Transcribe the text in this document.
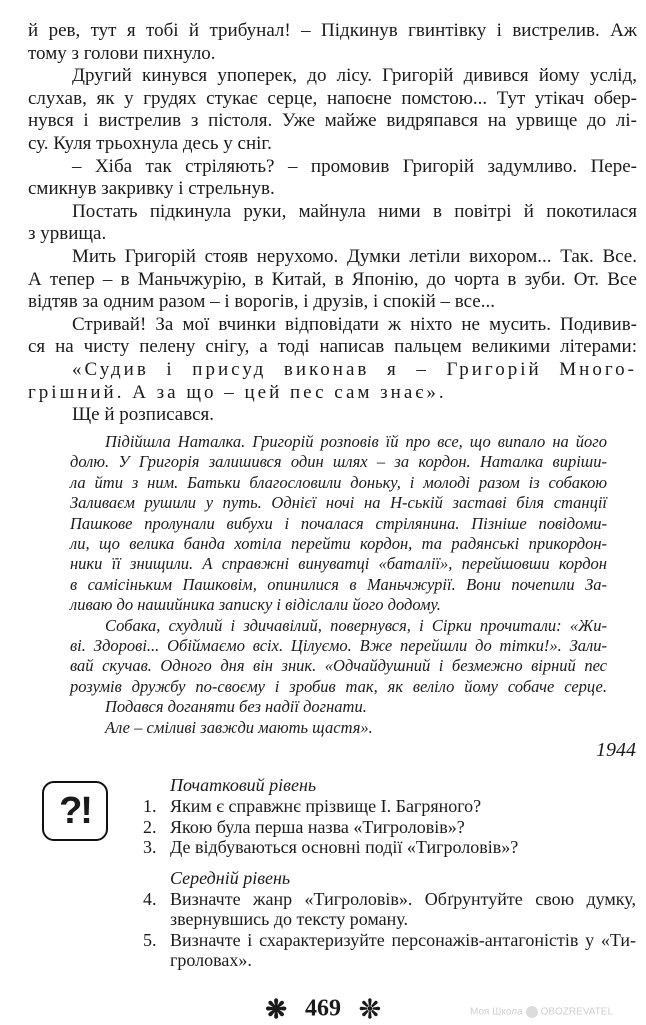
й рев, тут я тобі й трибунал! – Підкинув гвинтівку і вистрелив. Аж
тому з голови пихнуло.
Другий кинувся упоперек, до лісу. Григорій дивився йому услід,
слухав, як у грудях стукає серце, напоєне помстою... Тут утікач обер-
нувся і вистрелив з пістоля. Уже майже видряпався на урвище до лі-
су. Куля трьохнула десь у сніг.
– Хіба так стріляють? – промовив Григорій задумливо. Пере-
смикнув закривку і стрельнув.
Постать підкинула руки, майнула ними в повітрі й покотилася
з урвища.
Мить Григорій стояв нерухомо. Думки летіли вихором... Так. Все.
А тепер – в Маньчжурію, в Китай, в Японію, до чорта в зуби. От. Все
відтяв за одним разом – і ворогів, і друзів, і спокій – все...
Стривай! За мої вчинки відповідати ж ніхто не мусить. Подивив-
ся на чисту пелену снігу, а тоді написав пальцем великими літерами:
«Судив і присуд виконав я – Григорій Много-
грішний. А за що – цей пес сам знає».
Ще й розписався.
Підійшла Наталка. Григорій розповів їй про все, що випало на його
долю. У Григорія залишився один шлях – за кордон. Наталка виріши-
ла йти з ним. Батьки благословили доньку, і молоді разом із собакою
Заливаєм рушили у путь. Однієї ночі на Н-ській заставі біля станції
Пашкове пролунали вибухи і почалася стрілянина. Пізніше повідоми-
ли, що велика банда хотіла перейти кордон, та радянські прикордон-
ники її знищили. А справжні винуватці «баталії», перейшовши кордон
в самісіньким Пашковім, опинилися в Маньчжурії. Вони почепили За-
ливаю до нашийника записку і відіслали його додому.
Собака, схудлий і здичавілий, повернувся, і Сірки прочитали: «Жи-
ві. Здорові... Обіймаємо всіх. Цілуємо. Вже перейшли до тітки!». Зали-
вай скучав. Одного дня він зник. «Одчайдушний і безмежно вірний пес
розумів дружбу по-своєму і зробив так, як веліло йому собаче серце.
Подався доганяти без надії догнати.
Але – сміливі завжди мають щастя».
1944
?!
Початковий рівень
1. Яким є справжнє прізвище І. Багряного?
2. Якою була перша назва «Тигроловів»?
3. Де відбуваються основні події «Тигроловів»?
Середній рівень
4. Визначте жанр «Тигроловів». Обґрунтуйте свою думку,
звернувшись до тексту роману.
5. Визначте і схарактеризуйте персонажів-антагоністів у «Ти-
гроловах».
❋ 469 ❊	Моя Школа OBOZREVATEL
